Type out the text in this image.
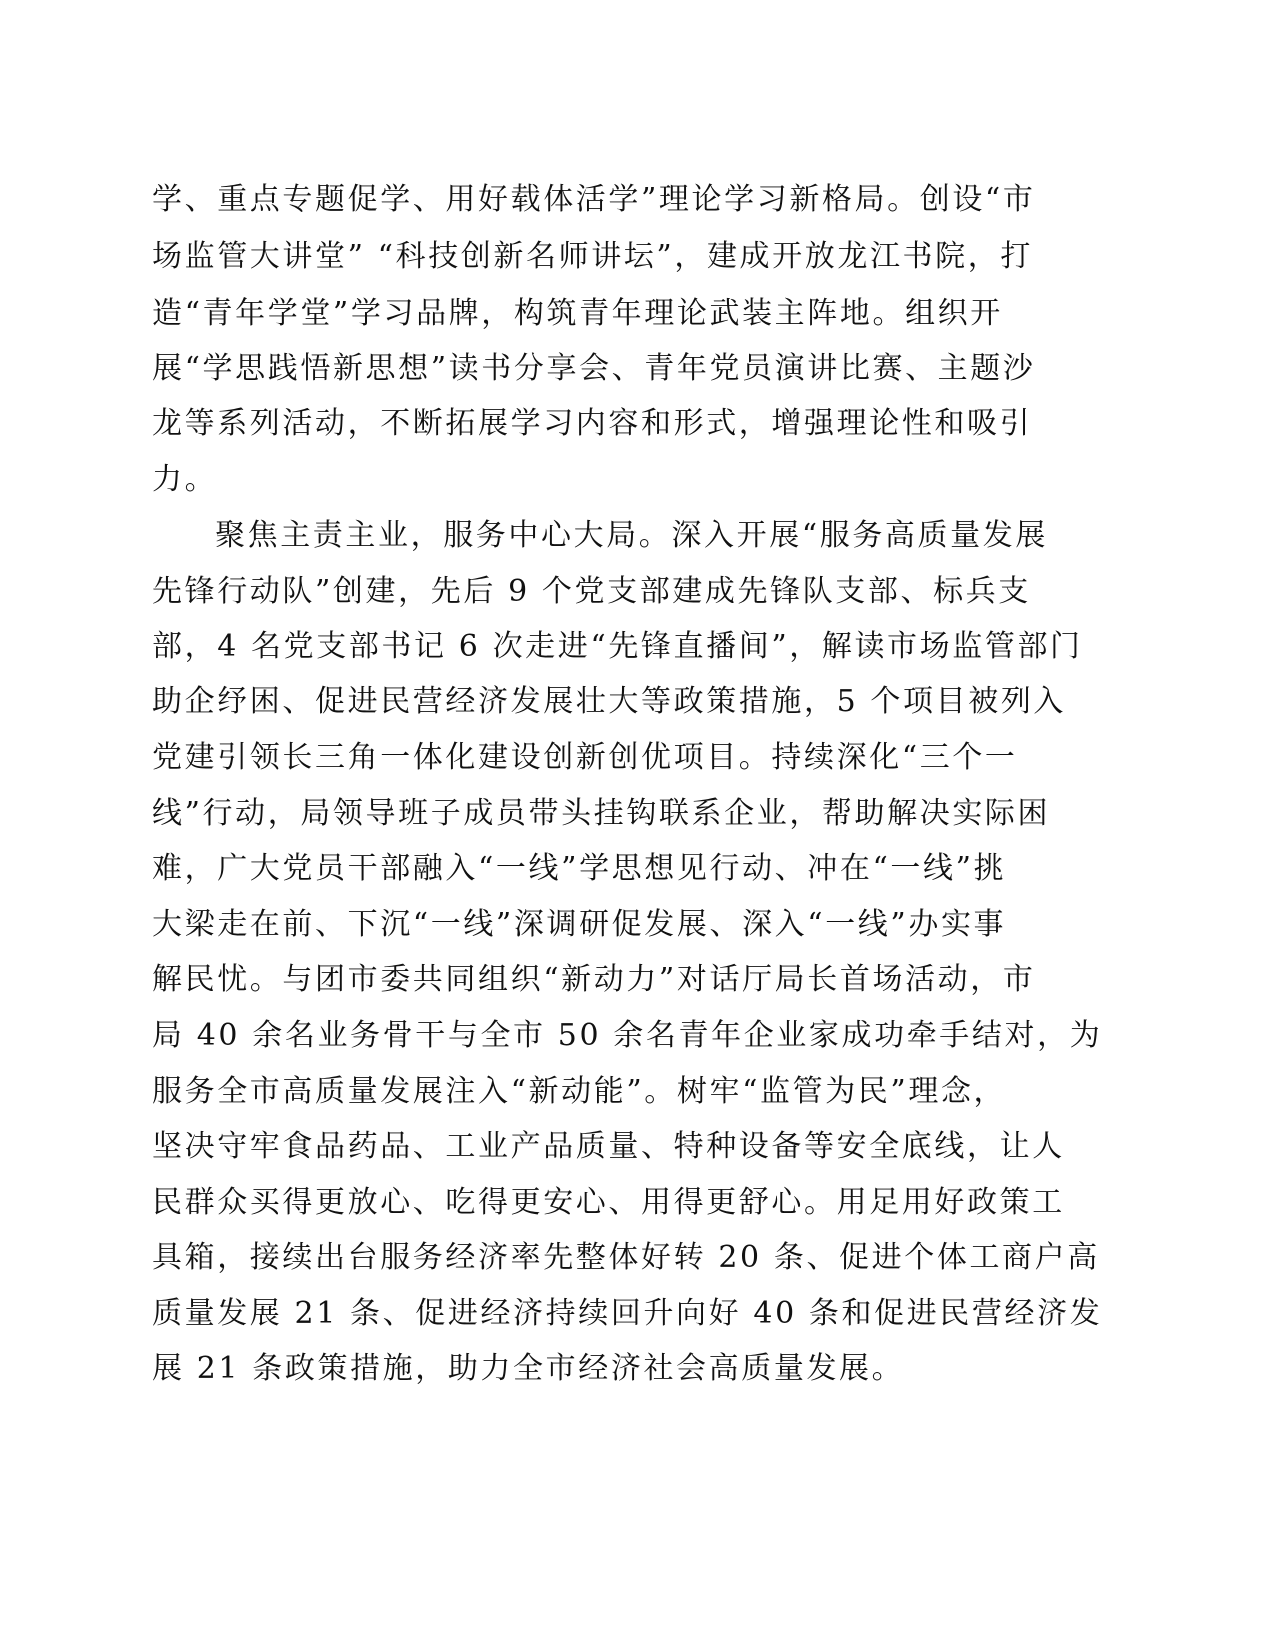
学、重点专题促学、用好载体活学”理论学习新格局。创设“市
场监管大讲堂” “科技创新名师讲坛”，建成开放龙江书院，打
造“青年学堂”学习品牌，构筑青年理论武装主阵地。组织开
展“学思践悟新思想”读书分享会、青年党员演讲比赛、主题沙
龙等系列活动，不断拓展学习内容和形式，增强理论性和吸引
力。
聚焦主责主业，服务中心大局。深入开展“服务高质量发展
先锋行动队”创建，先后 9 个党支部建成先锋队支部、标兵支
部，4 名党支部书记 6 次走进“先锋直播间”，解读市场监管部门
助企纾困、促进民营经济发展壮大等政策措施，5 个项目被列入
党建引领长三角一体化建设创新创优项目。持续深化“三个一
线”行动，局领导班子成员带头挂钩联系企业，帮助解决实际困
难，广大党员干部融入“一线”学思想见行动、冲在“一线”挑
大梁走在前、下沉“一线”深调研促发展、深入“一线”办实事
解民忧。与团市委共同组织“新动力”对话厅局长首场活动，市
局 40 余名业务骨干与全市 50 余名青年企业家成功牵手结对，为
服务全市高质量发展注入“新动能”。树牢“监管为民”理念，
坚决守牢食品药品、工业产品质量、特种设备等安全底线，让人
民群众买得更放心、吃得更安心、用得更舒心。用足用好政策工
具箱，接续出台服务经济率先整体好转 20 条、促进个体工商户高
质量发展 21 条、促进经济持续回升向好 40 条和促进民营经济发
展 21 条政策措施，助力全市经济社会高质量发展。
